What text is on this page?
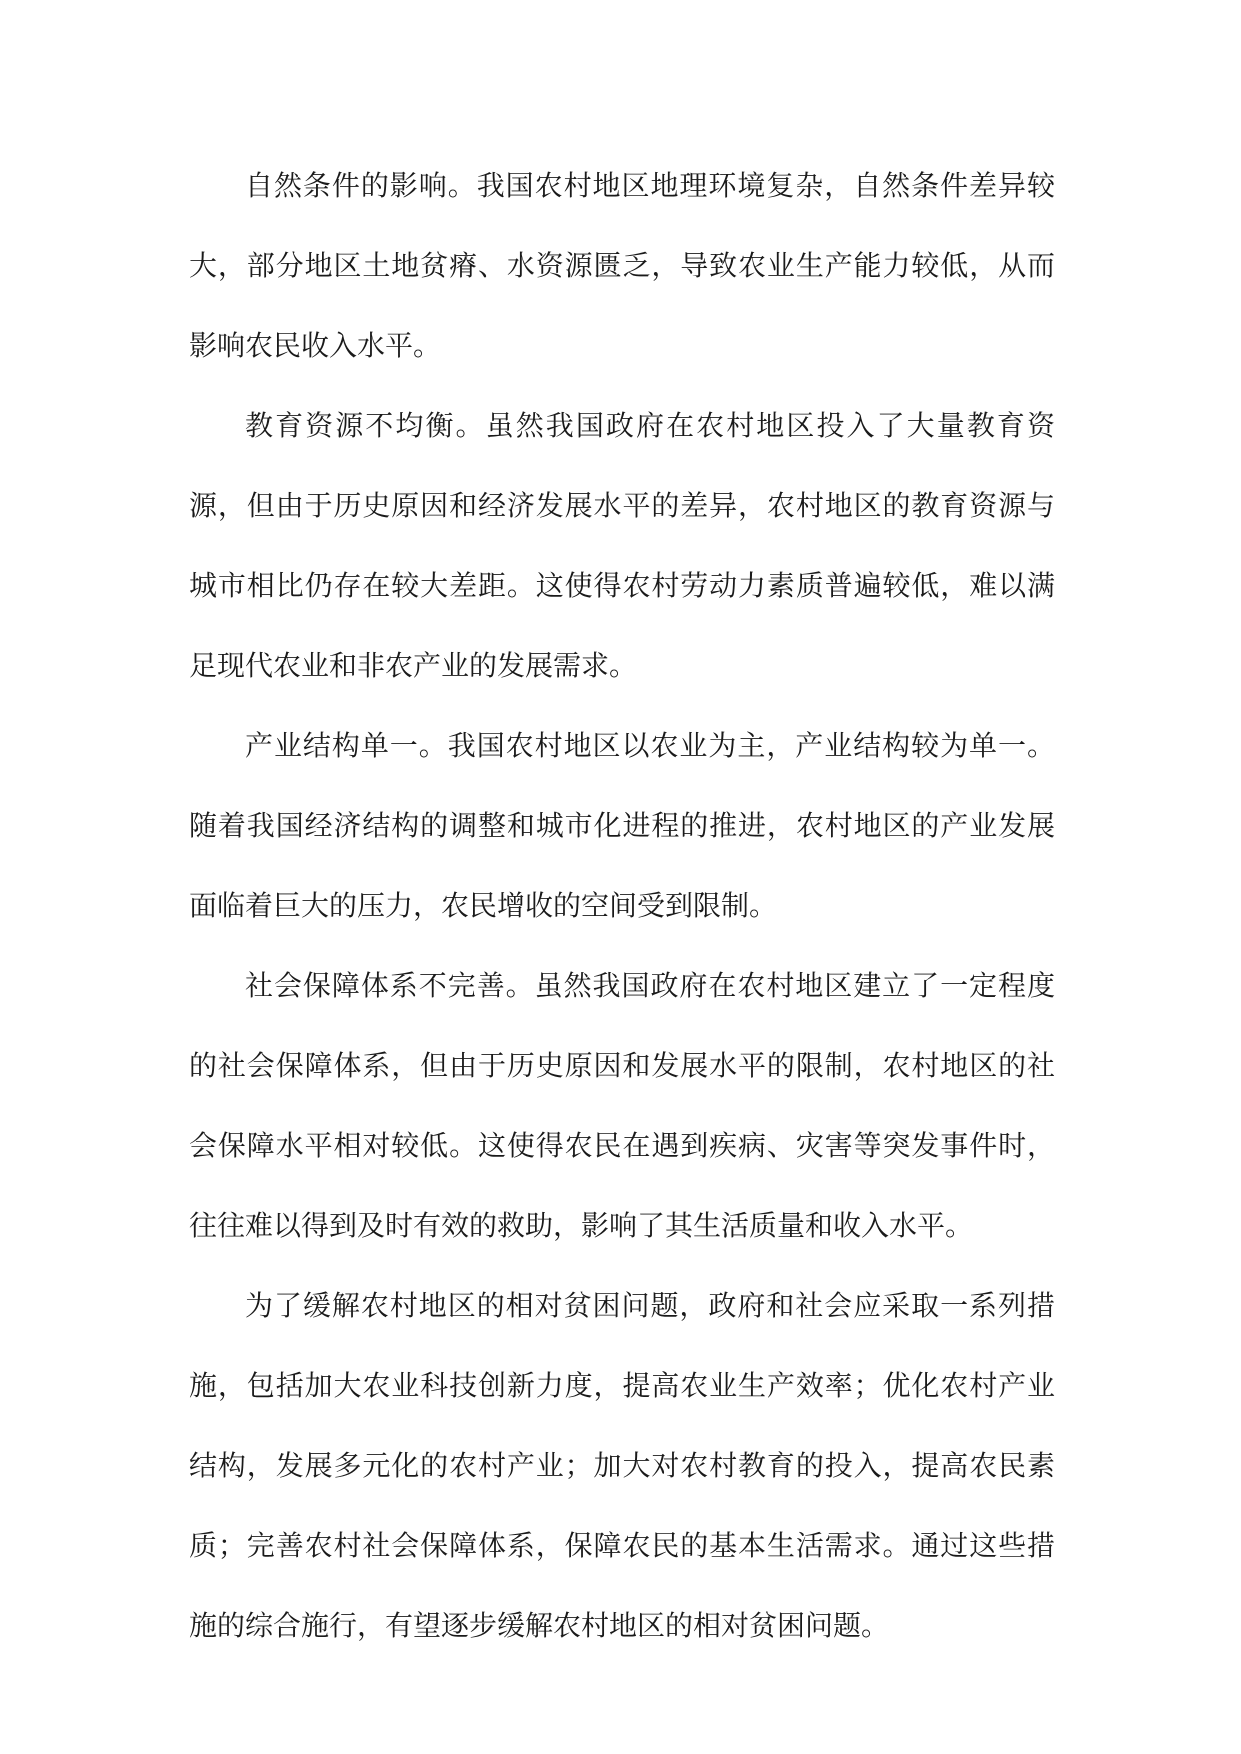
自然条件的影响。我国农村地区地理环境复杂，自然条件差异较大，部分地区土地贫瘠、水资源匮乏，导致农业生产能力较低，从而影响农民收入水平。

教育资源不均衡。虽然我国政府在农村地区投入了大量教育资源，但由于历史原因和经济发展水平的差异，农村地区的教育资源与城市相比仍存在较大差距。这使得农村劳动力素质普遍较低，难以满足现代农业和非农产业的发展需求。

产业结构单一。我国农村地区以农业为主，产业结构较为单一。随着我国经济结构的调整和城市化进程的推进，农村地区的产业发展面临着巨大的压力，农民增收的空间受到限制。

社会保障体系不完善。虽然我国政府在农村地区建立了一定程度的社会保障体系，但由于历史原因和发展水平的限制，农村地区的社会保障水平相对较低。这使得农民在遇到疾病、灾害等突发事件时，往往难以得到及时有效的救助，影响了其生活质量和收入水平。

为了缓解农村地区的相对贫困问题，政府和社会应采取一系列措施，包括加大农业科技创新力度，提高农业生产效率；优化农村产业结构，发展多元化的农村产业；加大对农村教育的投入，提高农民素质；完善农村社会保障体系，保障农民的基本生活需求。通过这些措施的综合施行，有望逐步缓解农村地区的相对贫困问题。
